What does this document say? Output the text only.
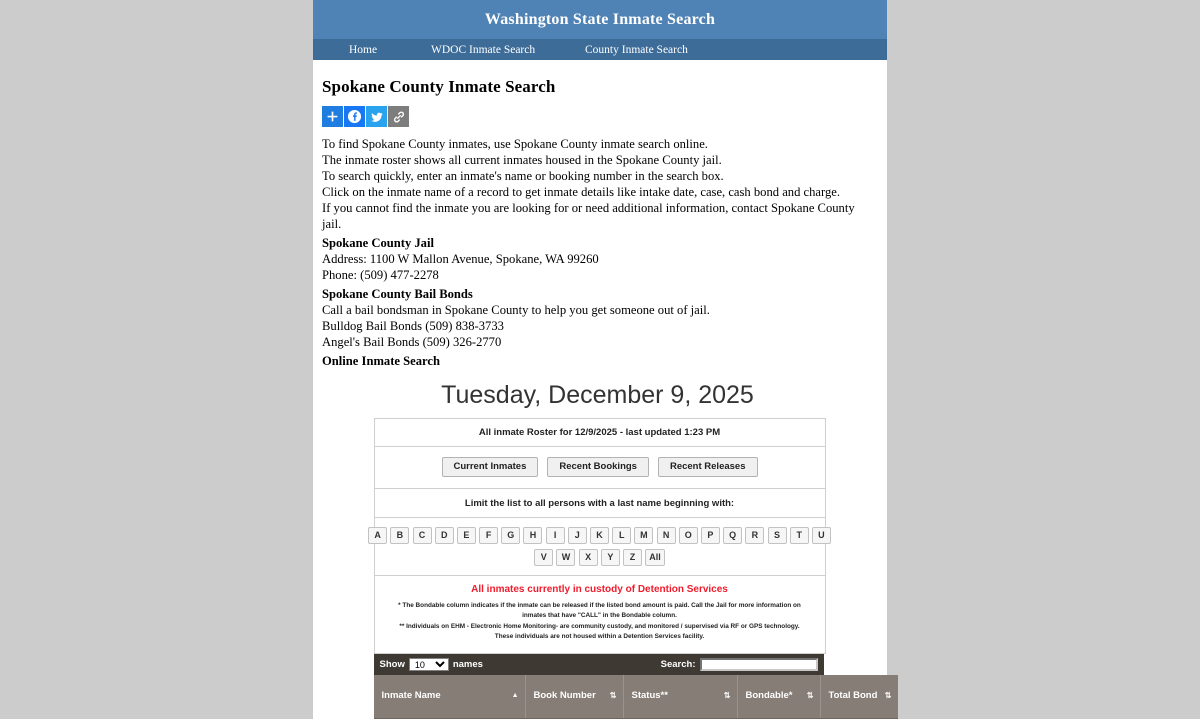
Washington State Inmate Search
Home	WDOC Inmate Search	County Inmate Search
Spokane County Inmate Search

To find Spokane County inmates, use Spokane County inmate search online.

The inmate roster shows all current inmates housed in the Spokane County jail.

To search quickly, enter an inmate's name or booking number in the search box.

Click on the inmate name of a record to get inmate details like intake date, case, cash bond and charge.

If you cannot find the inmate you are looking for or need additional information, contact Spokane County jail.

Spokane County Jail

Address: 1100 W Mallon Avenue, Spokane, WA 99260

Phone: (509) 477-2278

Spokane County Bail Bonds

Call a bail bondsman in Spokane County to help you get someone out of jail.

Bulldog Bail Bonds (509) 838-3733

Angel's Bail Bonds (509) 326-2770

Online Inmate Search

Tuesday, December 9, 2025
All inmate Roster for 12/9/2025 - last updated 1:23 PM
Current Inmates	Recent Bookings	Recent Releases
Limit the list to all persons with a last name beginning with:
A	B	C	D	E	F	G	H	I	J	K	L	M	N	O	P	Q	R	S	T	U
V	W	X	Y	Z	All
All inmates currently in custody of Detention Services

* The Bondable column indicates if the inmate can be released if the listed bond amount is paid. Call the Jail for more information on

inmates that have "CALL" in the Bondable column.

** Individuals on EHM - Electronic Home Monitoring- are community custody, and monitored / supervised via RF or GPS technology.

These individuals are not housed within a Detention Services facility.

Show
10	names	Search:
Inmate Name	▲	Book Number ⇅	Status**	⇅	Bondable* ⇅	Total Bond ⇅
